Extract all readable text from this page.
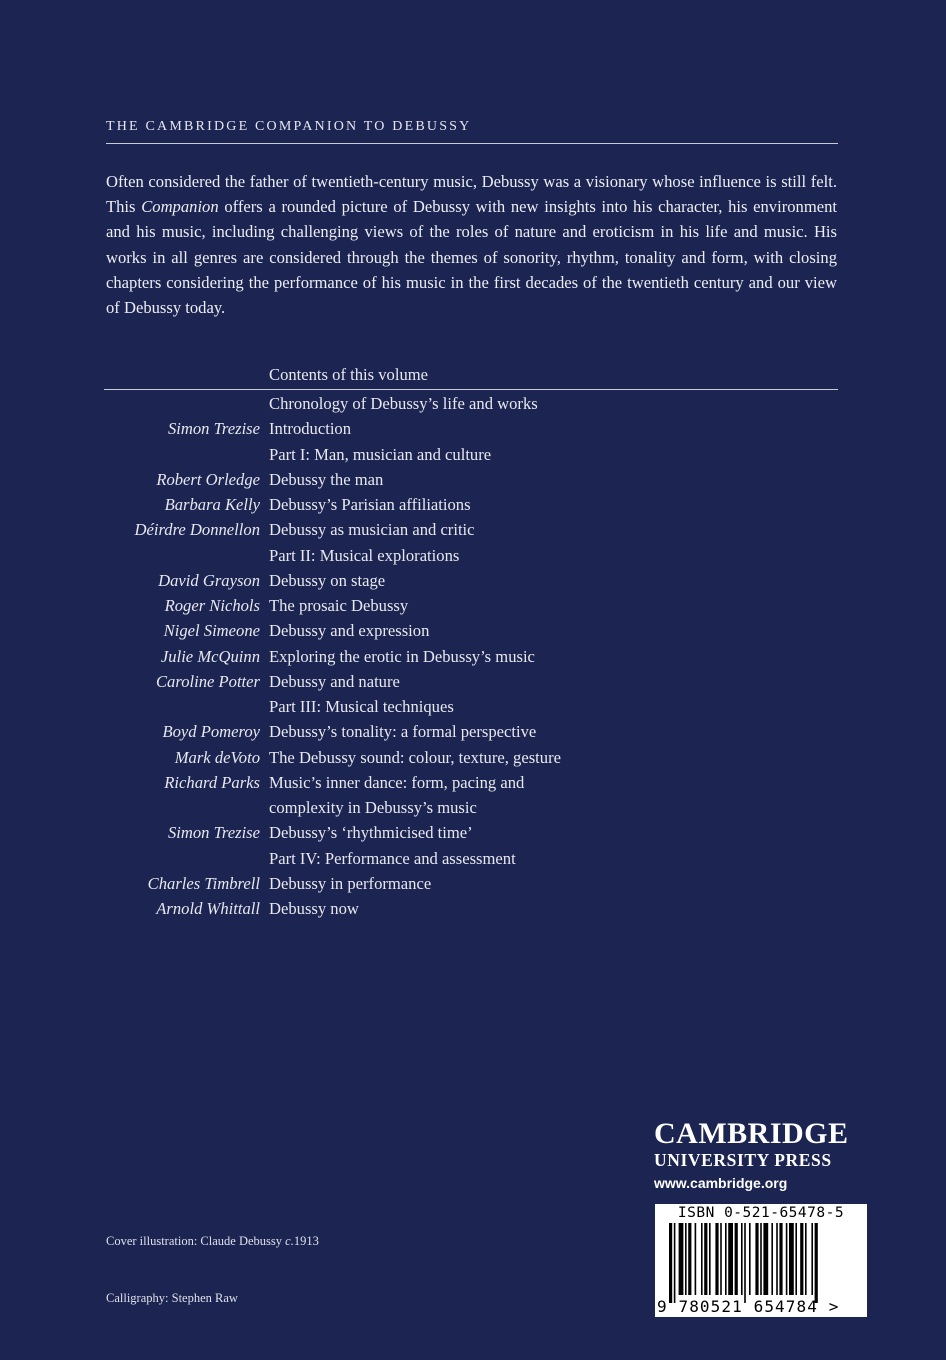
THE CAMBRIDGE COMPANION TO DEBUSSY
Often considered the father of twentieth-century music, Debussy was a visionary whose influence is still felt. This Companion offers a rounded picture of Debussy with new insights into his character, his environment and his music, including challenging views of the roles of nature and eroticism in his life and music. His works in all genres are considered through the themes of sonority, rhythm, tonality and form, with closing chapters considering the performance of his music in the first decades of the twentieth century and our view of Debussy today.
Contents of this volume
Chronology of Debussy’s life and works
Simon Trezise Introduction
Part I: Man, musician and culture
Robert Orledge Debussy the man
Barbara Kelly Debussy’s Parisian affiliations
Déirdre Donnellon Debussy as musician and critic
Part II: Musical explorations
David Grayson Debussy on stage
Roger Nichols The prosaic Debussy
Nigel Simeone Debussy and expression
Julie McQuinn Exploring the erotic in Debussy’s music
Caroline Potter Debussy and nature
Part III: Musical techniques
Boyd Pomeroy Debussy’s tonality: a formal perspective
Mark deVoto The Debussy sound: colour, texture, gesture
Richard Parks Music’s inner dance: form, pacing and
complexity in Debussy’s music
Simon Trezise Debussy’s ‘rhythmicised time’
Part IV: Performance and assessment
Charles Timbrell Debussy in performance
Arnold Whittall Debussy now
Cover illustration: Claude Debussy c.1913
Calligraphy: Stephen Raw
CAMBRIDGE
UNIVERSITY PRESS
www.cambridge.org
ISBN 0-521-65478-5
9 780521 654784 >
